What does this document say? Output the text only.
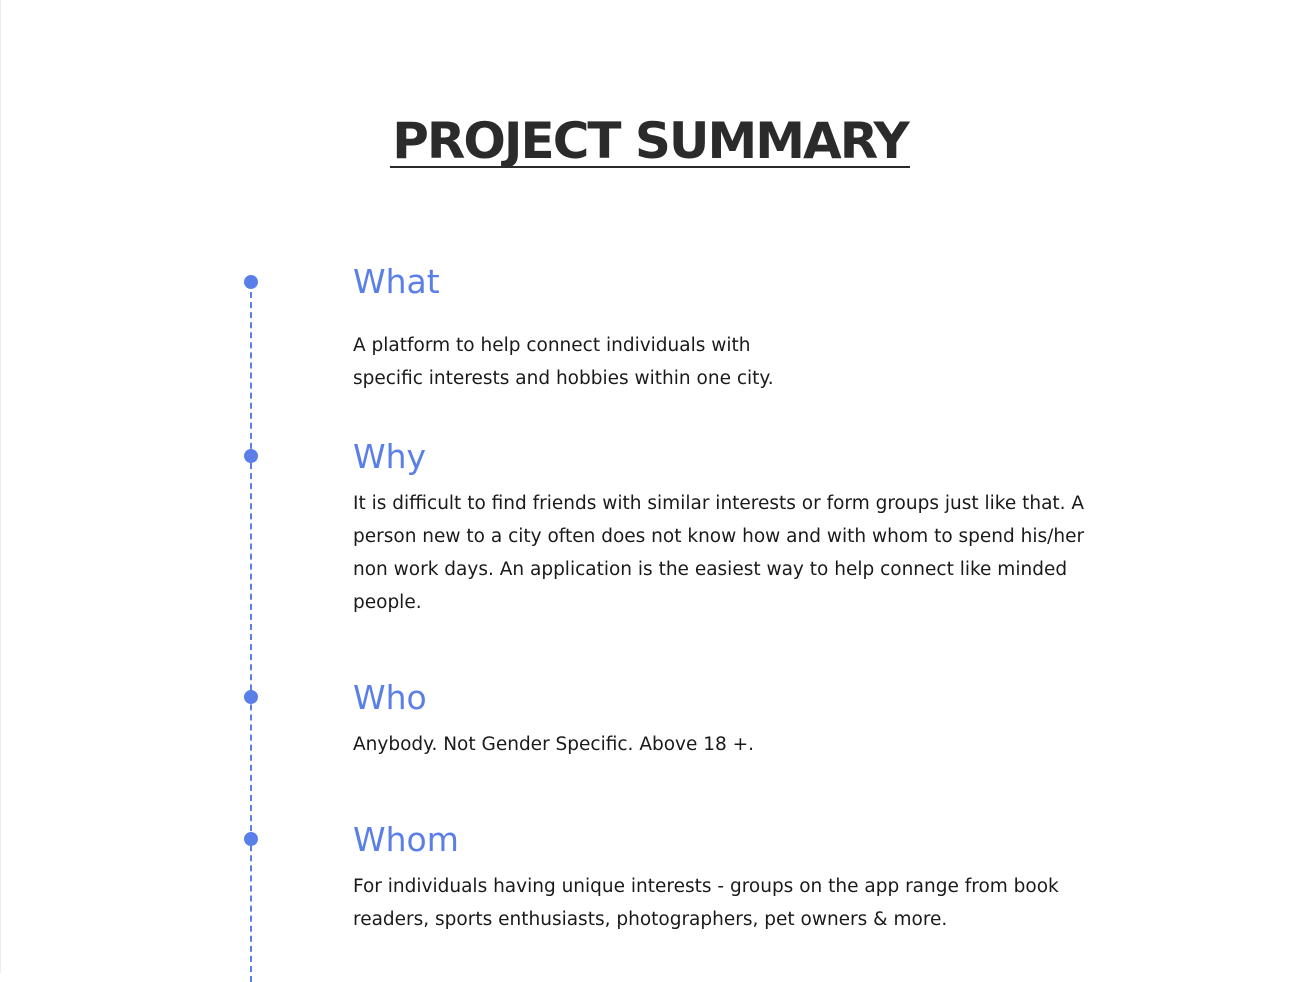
PROJECT SUMMARY
What
A platform to help connect individuals with
specific interests and hobbies within one city.
Why
It is difficult to find friends with similar interests or form groups just like that. A
person new to a city often does not know how and with whom to spend his/her
non work days. An application is the easiest way to help connect like minded
people.
Who
Anybody. Not Gender Specific. Above 18 +.
Whom
For individuals having unique interests - groups on the app range from book
readers, sports enthusiasts, photographers, pet owners & more.
